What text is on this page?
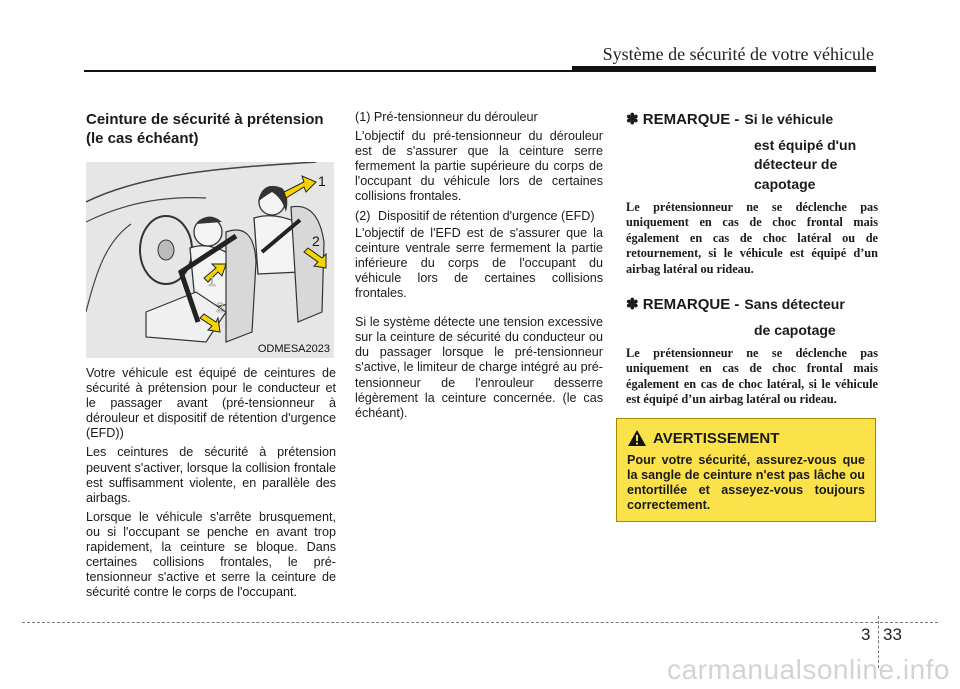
Système de sécurité de votre véhicule
Ceinture de sécurité à prétension (le cas échéant)
1
2
1
2
ODMESA2023

Votre véhicule est équipé de ceintures de sécurité à prétension pour le conducteur et le passager avant (pré-tensionneur à dérouleur et dispositif de rétention d'urgence (EFD))

Les ceintures de sécurité à prétension peuvent s'activer, lorsque la collision frontale est suffisamment violente, en parallèle des airbags.

Lorsque le véhicule s'arrête brusquement, ou si l'occupant se penche en avant trop rapidement, la ceinture se bloque. Dans certaines collisions frontales, le pré-tensionneur s'active et serre la ceinture de sécurité contre le corps de l'occupant.

(1) Pré-tensionneur du dérouleur

L'objectif du pré-tensionneur du dérouleur est de s'assurer que la ceinture serre fermement la partie supérieure du corps de l'occupant du véhicule lors de certaines collisions frontales.

(2) Dispositif de rétention d'urgence (EFD)

L'objectif de l'EFD est de s'assurer que la ceinture ventrale serre fermement la partie inférieure du corps de l'occupant du véhicule lors de certaines collisions frontales.

Si le système détecte une tension excessive sur la ceinture de sécurité du conducteur ou du passager lorsque le pré-tensionneur s'active, le limiteur de charge intégré au pré-tensionneur de l'enrouleur desserre légèrement la ceinture concernée. (le cas échéant).

✽ REMARQUE - Si le véhicule
est équipé d'un
détecteur de
capotage

Le prétensionneur ne se déclenche pas uniquement en cas de choc frontal mais également en cas de choc latéral ou de retournement, si le véhicule est équipé d’un airbag latéral ou rideau.

✽ REMARQUE - Sans détecteur
de capotage

Le prétensionneur ne se déclenche pas uniquement en cas de choc frontal mais également en cas de choc latéral, si le véhicule est équipé d’un airbag latéral ou rideau.

AVERTISSEMENT

Pour votre sécurité, assurez-vous que la sangle de ceinture n'est pas lâche ou entortillée et asseyez-vous toujours correctement.

3 33
carmanualsonline.info
